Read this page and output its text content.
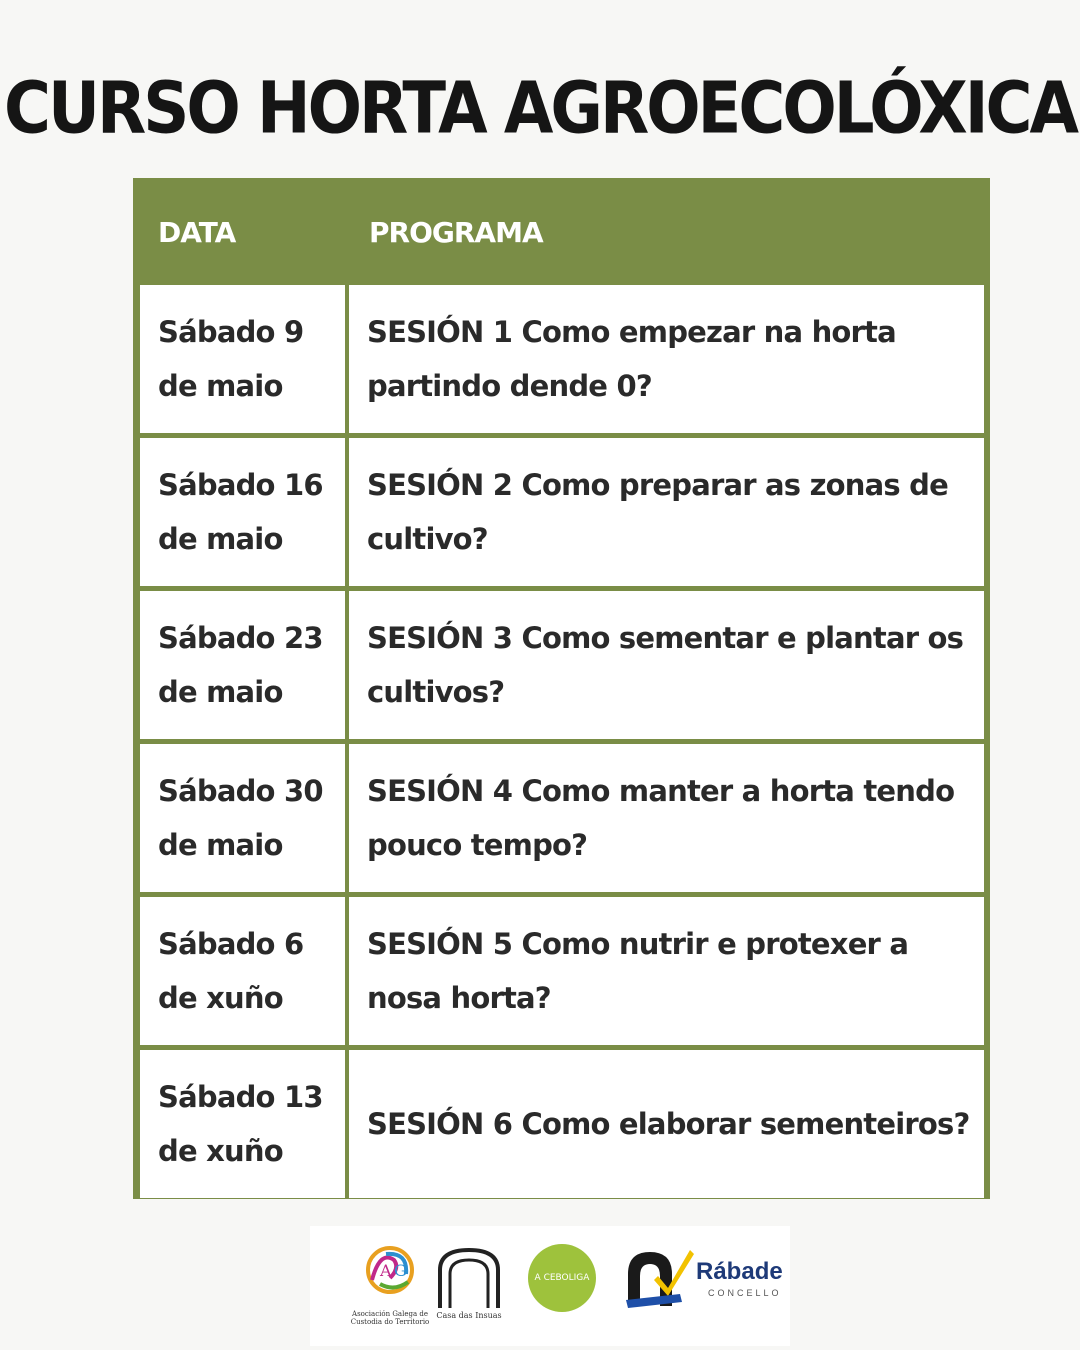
CURSO HORTA AGROECOLÓXICA
DATA	PROGRAMA
Sábado 9 de maio
SESIÓN 1 Como empezar na horta partindo dende 0?
Sábado 16 de maio
SESIÓN 2 Como preparar as zonas de cultivo?
Sábado 23 de maio
SESIÓN 3 Como sementar e plantar os cultivos?
Sábado 30 de maio
SESIÓN 4 Como manter a horta tendo pouco tempo?
Sábado 6 de xuño
SESIÓN 5 Como nutrir e protexer a nosa horta?
Sábado 13 de xuño
SESIÓN 6 Como elaborar sementeiros?
A G
Asociación Galega de Custodia do Territorio
Casa das Insuas
A CEBOLIGA	Rábade
CONCELLO
